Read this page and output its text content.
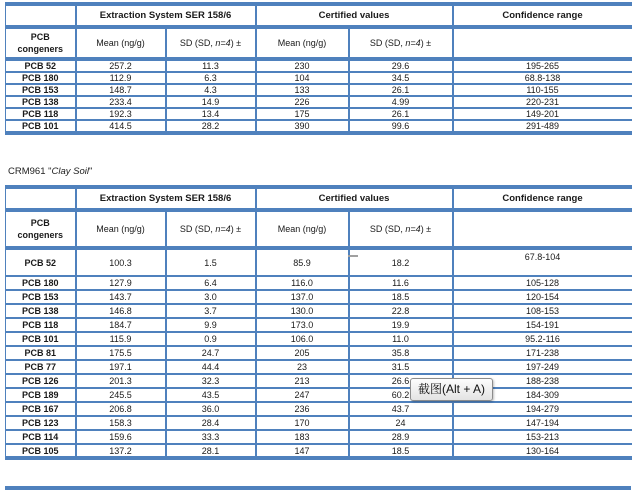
	Extraction System SER 158/6		Certified values		Confidence range
PCB congeners	Mean (ng/g)	SD (SD, n=4) ±	Mean (ng/g)	SD (SD, n=4) ±	
PCB 52	257.2	11.3	230	29.6	195-265
PCB 180	112.9	6.3	104	34.5	68.8-138
PCB 153	148.7	4.3	133	26.1	110-155
PCB 138	233.4	14.9	226	4.99	220-231
PCB 118	192.3	13.4	175	26.1	149-201
PCB 101	414.5	28.2	390	99.6	291-489
CRM961 "Clay Soil"
	Extraction System SER 158/6		Certified values		Confidence range
PCB congeners	Mean (ng/g)	SD (SD, n=4) ±	Mean (ng/g)	SD (SD, n=4) ±	
PCB 52	100.3	1.5	85.9	18.2	67.8-104
PCB 180	127.9	6.4	116.0	11.6	105-128
PCB 153	143.7	3.0	137.0	18.5	120-154
PCB 138	146.8	3.7	130.0	22.8	108-153
PCB 118	184.7	9.9	173.0	19.9	154-191
PCB 101	115.9	0.9	106.0	11.0	95.2-116
PCB 81	175.5	24.7	205	35.8	171-238
PCB 77	197.1	44.4	23	31.5	197-249
PCB 126	201.3	32.3	213	26.6	188-238
PCB 189	245.5	43.5	247	60.2	184-309
PCB 167	206.8	36.0	236	43.7	194-279
PCB 123	158.3	28.4	170	24	147-194
PCB 114	159.6	33.3	183	28.9	153-213
PCB 105	137.2	28.1	147	18.5	130-164
截图(Alt + A)
